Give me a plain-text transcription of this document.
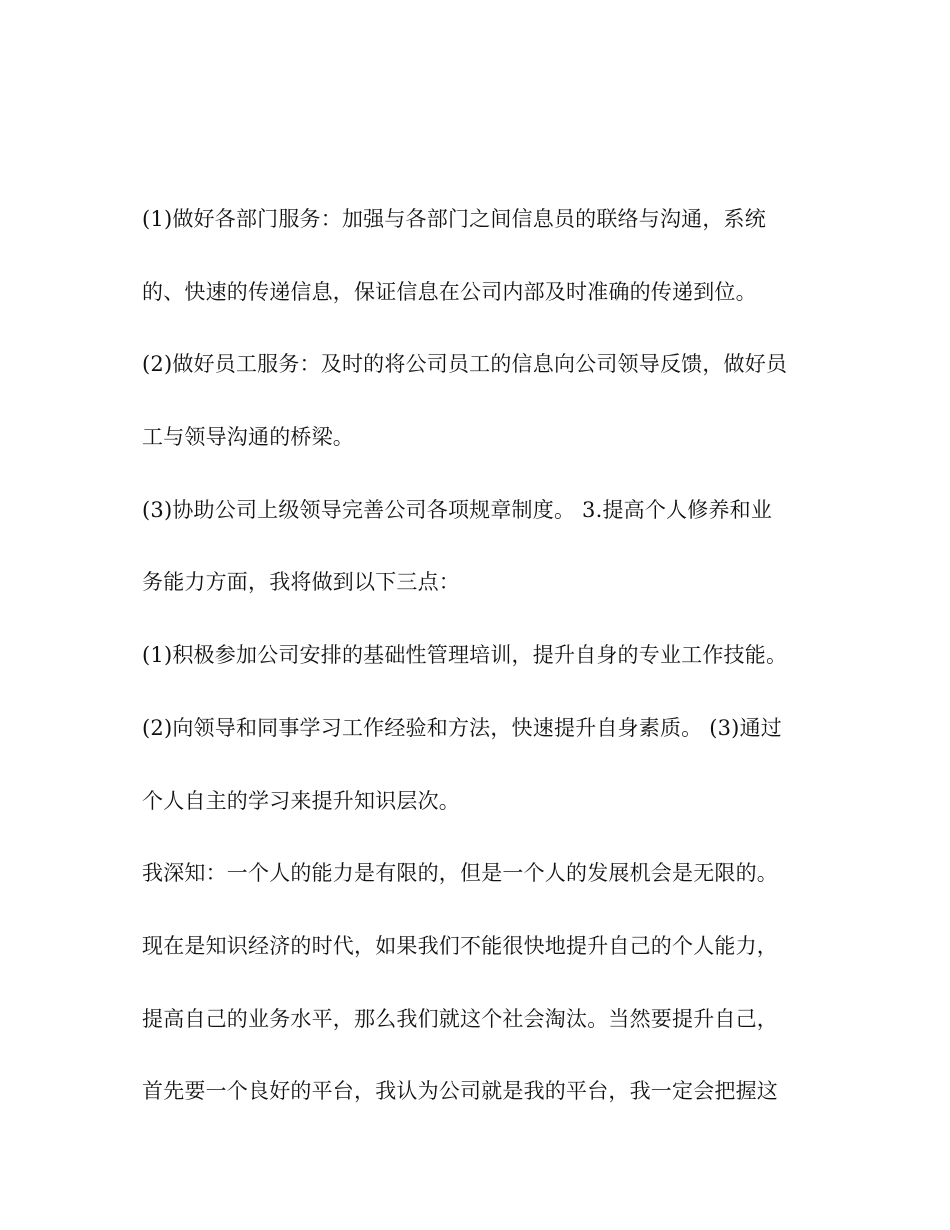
(1)做好各部门服务：加强与各部门之间信息员的联络与沟通，系统
的、快速的传递信息，保证信息在公司内部及时准确的传递到位。
(2)做好员工服务：及时的将公司员工的信息向公司领导反馈，做好员
工与领导沟通的桥梁。
(3)协助公司上级领导完善公司各项规章制度。 3.提高个人修养和业
务能力方面，我将做到以下三点：
(1)积极参加公司安排的基础性管理培训，提升自身的专业工作技能。
(2)向领导和同事学习工作经验和方法，快速提升自身素质。 (3)通过
个人自主的学习来提升知识层次。
我深知：一个人的能力是有限的，但是一个人的发展机会是无限的。
现在是知识经济的时代，如果我们不能很快地提升自己的个人能力，
提高自己的业务水平，那么我们就这个社会淘汰。当然要提升自己，
首先要一个良好的平台，我认为公司就是我的平台，我一定会把握这
